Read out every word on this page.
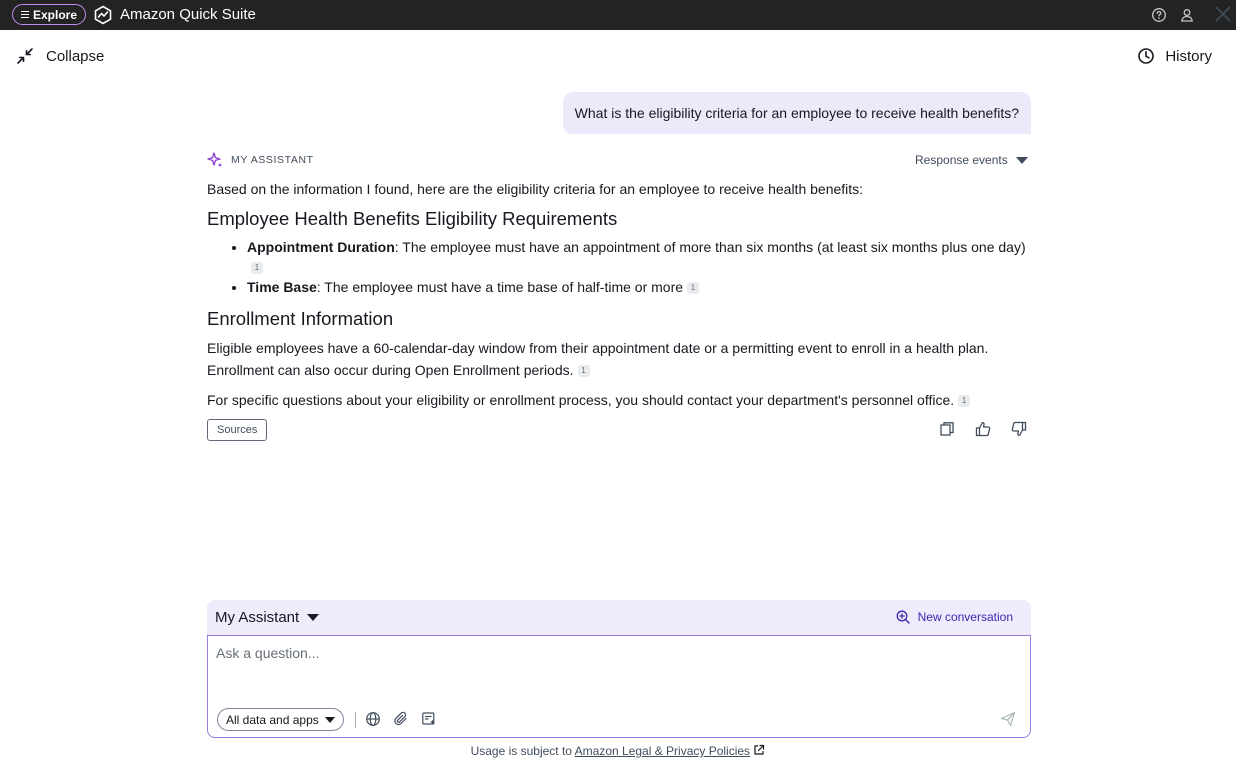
Explore	Amazon Quick Suite
Collapse	History
What is the eligibility criteria for an employee to receive health benefits?
MY ASSISTANT	Response events
Based on the information I found, here are the eligibility criteria for an employee to receive health benefits:
Employee Health Benefits Eligibility Requirements
• Appointment Duration: The employee must have an appointment of more than six months (at least six months plus one day)1
• Time Base: The employee must have a time base of half-time or more 1
Enrollment Information

Eligible employees have a 60-calendar-day window from their appointment date or a permitting event to enroll in a health plan. Enrollment can also occur during Open Enrollment periods. 1

For specific questions about your eligibility or enrollment process, you should contact your department's personnel office. 1

Sources
My Assistant	New conversation
Ask a question...
All data and apps
Usage is subject to Amazon Legal & Privacy Policies
